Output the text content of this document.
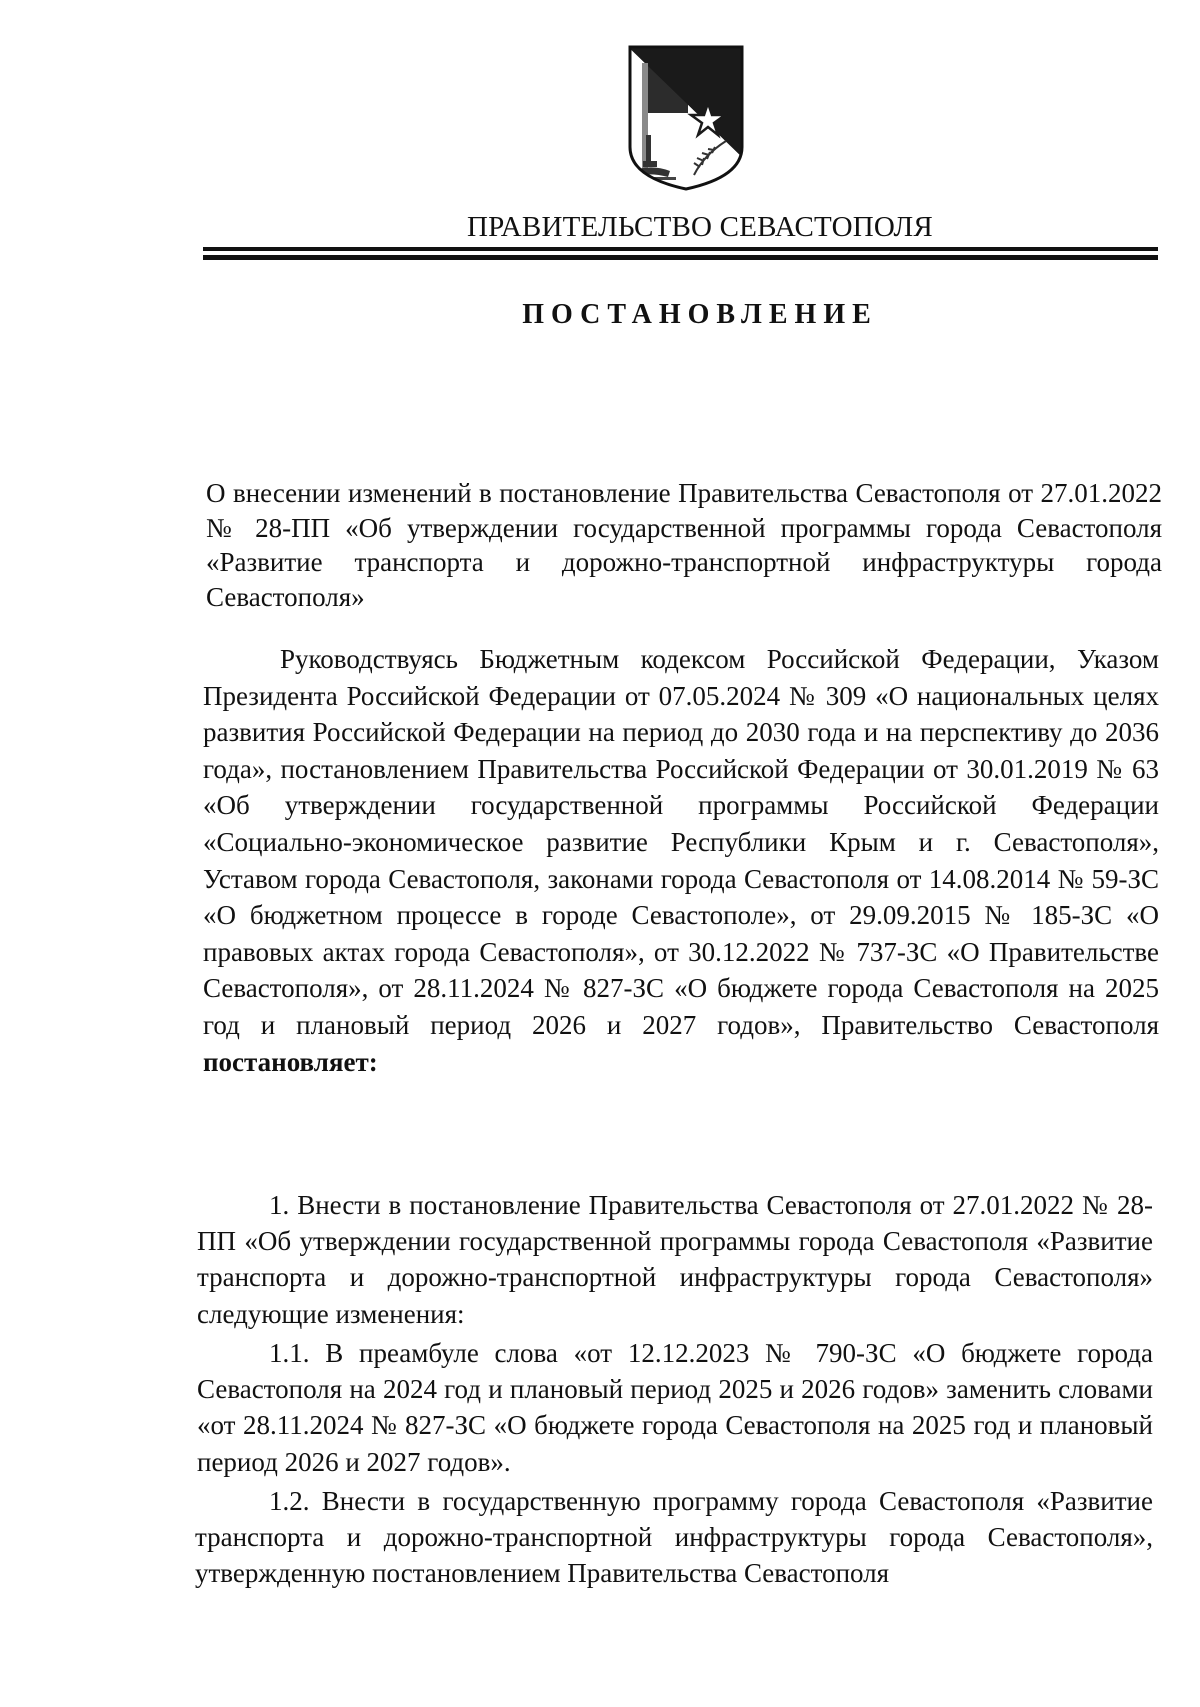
ПРАВИТЕЛЬСТВО СЕВАСТОПОЛЯ
ПОСТАНОВЛЕНИЕ
О внесении изменений в постановление Правительства Севастополя от 27.01.2022 № 28-ПП «Об утверждении государственной программы города Севастополя «Развитие транспорта и дорожно-транспортной инфраструктуры города Севастополя»
Руководствуясь Бюджетным кодексом Российской Федерации, Указом Президента Российской Федерации от 07.05.2024 № 309 «О национальных целях развития Российской Федерации на период до 2030 года и на перспективу до 2036 года», постановлением Правительства Российской Федерации от 30.01.2019 № 63 «Об утверждении государственной программы Российской Федерации «Социально-экономическое развитие Республики Крым и г. Севастополя», Уставом города Севастополя, законами города Севастополя от 14.08.2014 № 59-ЗС «О бюджетном процессе в городе Севастополе», от 29.09.2015 № 185-ЗС «О правовых актах города Севастополя», от 30.12.2022 № 737-ЗС «О Правительстве Севастополя», от 28.11.2024 № 827-ЗС «О бюджете города Севастополя на 2025 год и плановый период 2026 и 2027 годов», Правительство Севастополя постановляет:
1. Внести в постановление Правительства Севастополя от 27.01.2022 № 28-ПП «Об утверждении государственной программы города Севастополя «Развитие транспорта и дорожно-транспортной инфраструктуры города Севастополя» следующие изменения:
1.1. В преамбуле слова «от 12.12.2023 № 790-ЗС «О бюджете города Севастополя на 2024 год и плановый период 2025 и 2026 годов» заменить словами «от 28.11.2024 № 827-ЗС «О бюджете города Севастополя на 2025 год и плановый период 2026 и 2027 годов».
1.2. Внести в государственную программу города Севастополя «Развитие транспорта и дорожно-транспортной инфраструктуры города Севастополя», утвержденную постановлением Правительства Севастополя
